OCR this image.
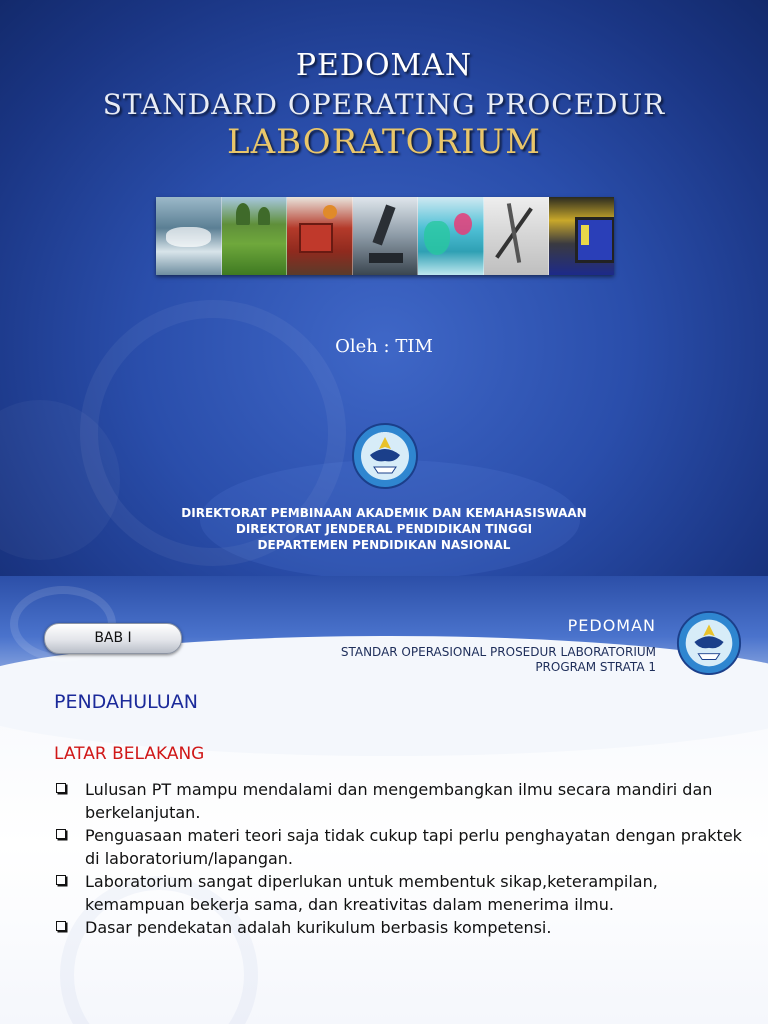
PEDOMAN
STANDARD OPERATING PROCEDUR
LABORATORIUM
Oleh : TIM
.....
DIREKTORAT PEMBINAAN AKADEMIK DAN KEMAHASISWAAN
DIREKTORAT JENDERAL PENDIDIKAN TINGGI
DEPARTEMEN PENDIDIKAN NASIONAL
BAB I
PEDOMAN
STANDAR OPERASIONAL PROSEDUR LABORATORIUM
PROGRAM STRATA 1
PENDAHULUAN
LATAR BELAKANG
Lulusan PT mampu mendalami dan mengembangkan ilmu secara mandiri dan berkelanjutan.
Penguasaan materi teori saja tidak cukup tapi perlu penghayatan dengan praktek di laboratorium/lapangan.
Laboratorium sangat diperlukan untuk membentuk sikap,keterampilan, kemampuan bekerja sama, dan kreativitas dalam menerima ilmu.
Dasar pendekatan adalah kurikulum berbasis kompetensi.
